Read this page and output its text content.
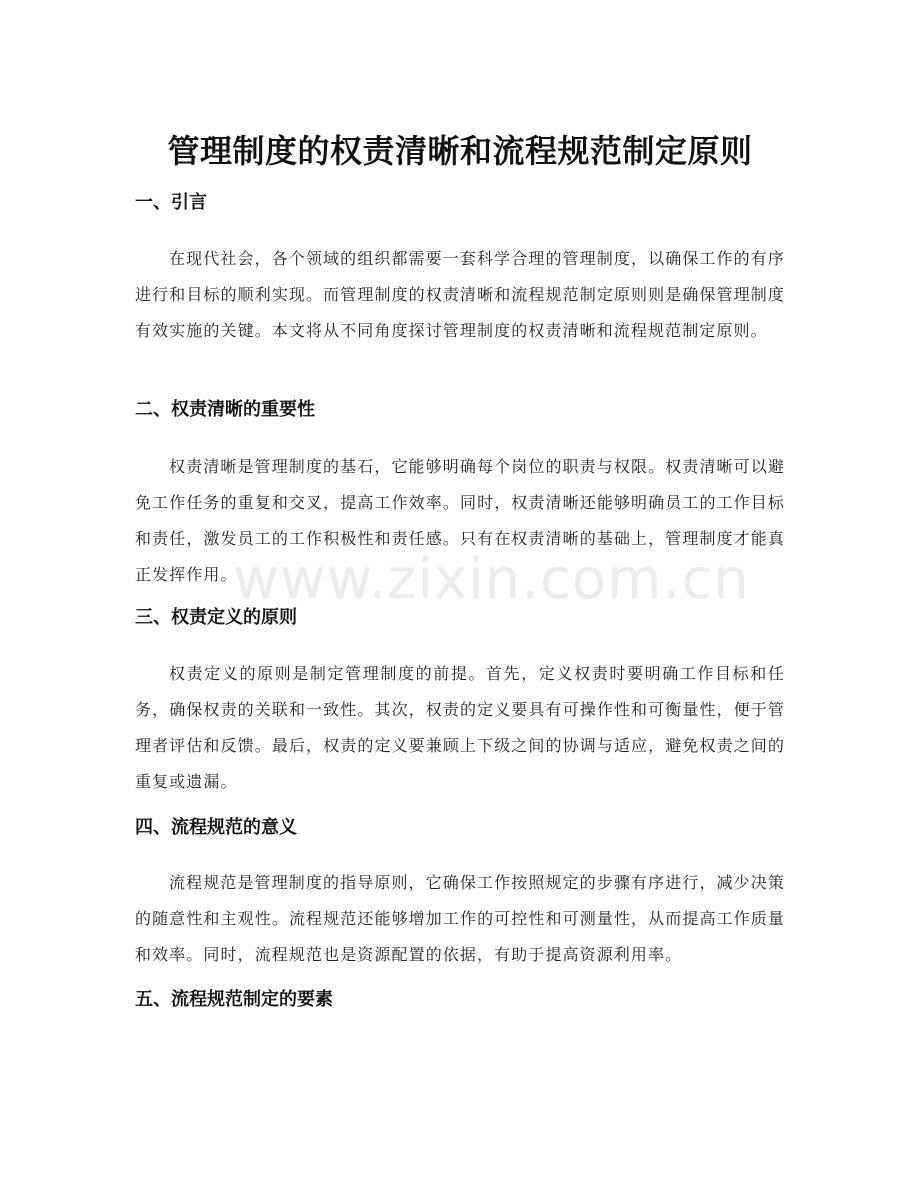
www.zixin.com.cn
管理制度的权责清晰和流程规范制定原则
一、引言

在现代社会，各个领域的组织都需要一套科学合理的管理制度，以确保工作的有序进行和目标的顺利实现。而管理制度的权责清晰和流程规范制定原则则是确保管理制度有效实施的关键。本文将从不同角度探讨管理制度的权责清晰和流程规范制定原则。

二、权责清晰的重要性

权责清晰是管理制度的基石，它能够明确每个岗位的职责与权限。权责清晰可以避免工作任务的重复和交叉，提高工作效率。同时，权责清晰还能够明确员工的工作目标和责任，激发员工的工作积极性和责任感。只有在权责清晰的基础上，管理制度才能真正发挥作用。

三、权责定义的原则

权责定义的原则是制定管理制度的前提。首先，定义权责时要明确工作目标和任务，确保权责的关联和一致性。其次，权责的定义要具有可操作性和可衡量性，便于管理者评估和反馈。最后，权责的定义要兼顾上下级之间的协调与适应，避免权责之间的重复或遗漏。

四、流程规范的意义

流程规范是管理制度的指导原则，它确保工作按照规定的步骤有序进行，减少决策的随意性和主观性。流程规范还能够增加工作的可控性和可测量性，从而提高工作质量和效率。同时，流程规范也是资源配置的依据，有助于提高资源利用率。

五、流程规范制定的要素
